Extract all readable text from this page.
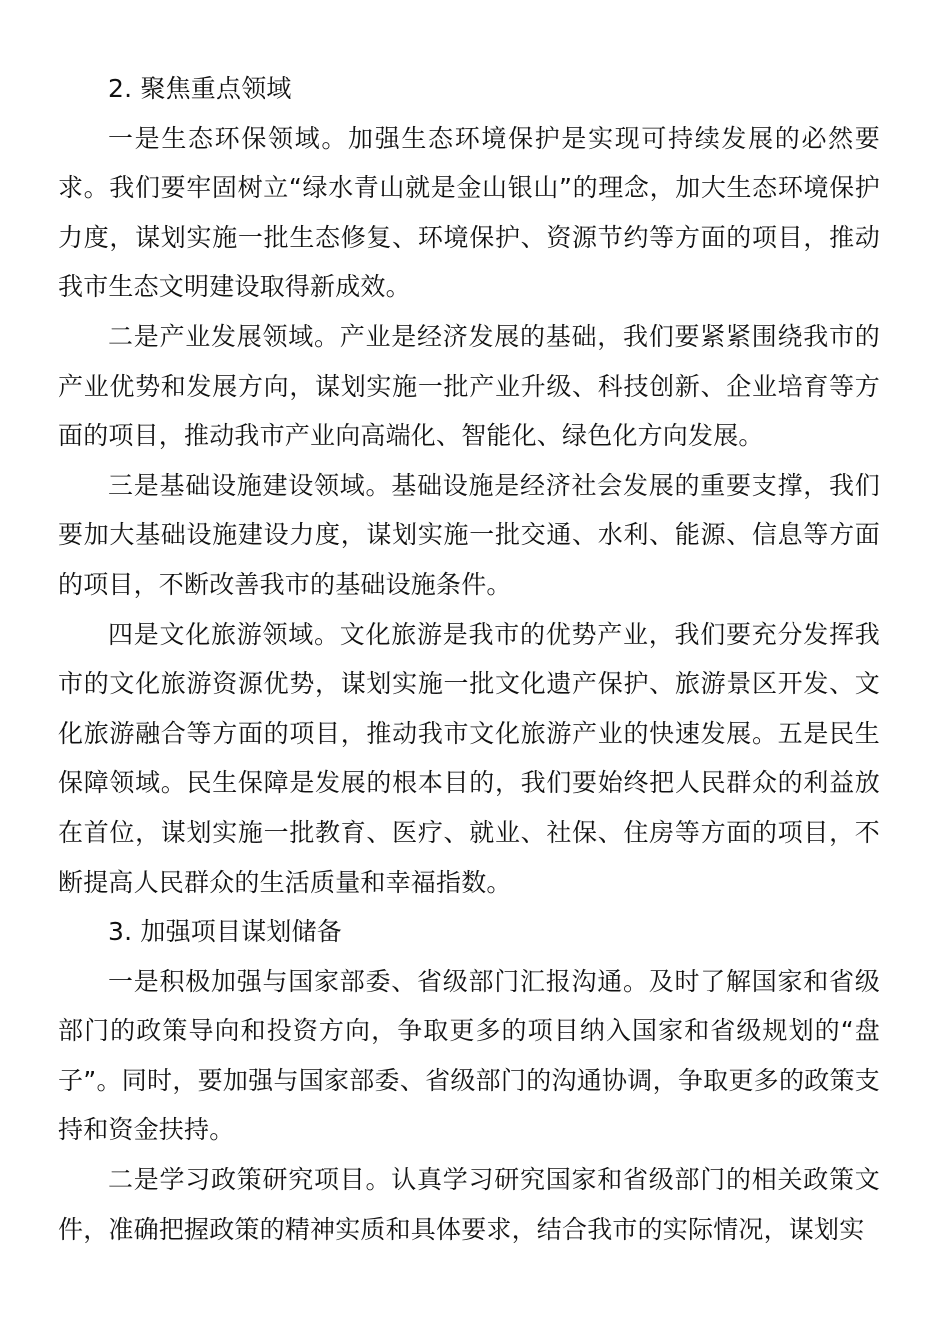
2. 聚焦重点领域

一是生态环保领域。加强生态环境保护是实现可持续发展的必然要求。我们要牢固树立“绿水青山就是金山银山”的理念，加大生态环境保护力度，谋划实施一批生态修复、环境保护、资源节约等方面的项目，推动我市生态文明建设取得新成效。

二是产业发展领域。产业是经济发展的基础，我们要紧紧围绕我市的产业优势和发展方向，谋划实施一批产业升级、科技创新、企业培育等方面的项目，推动我市产业向高端化、智能化、绿色化方向发展。

三是基础设施建设领域。基础设施是经济社会发展的重要支撑，我们要加大基础设施建设力度，谋划实施一批交通、水利、能源、信息等方面的项目，不断改善我市的基础设施条件。

四是文化旅游领域。文化旅游是我市的优势产业，我们要充分发挥我市的文化旅游资源优势，谋划实施一批文化遗产保护、旅游景区开发、文化旅游融合等方面的项目，推动我市文化旅游产业的快速发展。五是民生保障领域。民生保障是发展的根本目的，我们要始终把人民群众的利益放在首位，谋划实施一批教育、医疗、就业、社保、住房等方面的项目，不断提高人民群众的生活质量和幸福指数。

3. 加强项目谋划储备

一是积极加强与国家部委、省级部门汇报沟通。及时了解国家和省级部门的政策导向和投资方向，争取更多的项目纳入国家和省级规划的“盘子”。同时，要加强与国家部委、省级部门的沟通协调，争取更多的政策支持和资金扶持。

二是学习政策研究项目。认真学习研究国家和省级部门的相关政策文件，准确把握政策的精神实质和具体要求，结合我市的实际情况，谋划实
